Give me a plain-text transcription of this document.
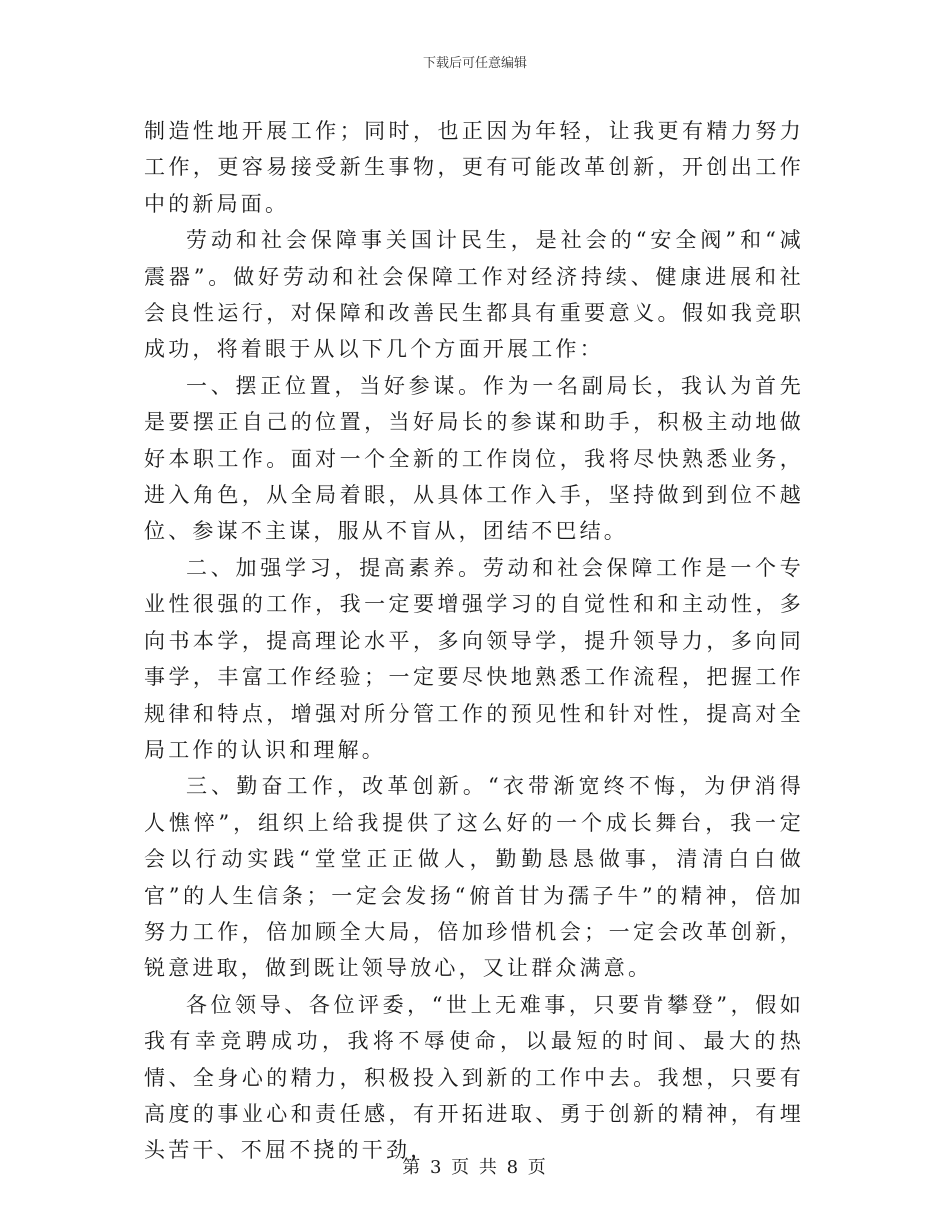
下载后可任意编辑

制造性地开展工作；同时，也正因为年轻，让我更有精力努力工作，更容易接受新生事物，更有可能改革创新，开创出工作中的新局面。

劳动和社会保障事关国计民生，是社会的“安全阀”和“减震器”。做好劳动和社会保障工作对经济持续、健康进展和社会良性运行，对保障和改善民生都具有重要意义。假如我竞职成功，将着眼于从以下几个方面开展工作：

一、摆正位置，当好参谋。作为一名副局长，我认为首先是要摆正自己的位置，当好局长的参谋和助手，积极主动地做好本职工作。面对一个全新的工作岗位，我将尽快熟悉业务，进入角色，从全局着眼，从具体工作入手，坚持做到到位不越位、参谋不主谋，服从不盲从，团结不巴结。

二、加强学习，提高素养。劳动和社会保障工作是一个专业性很强的工作，我一定要增强学习的自觉性和和主动性，多向书本学，提高理论水平，多向领导学，提升领导力，多向同事学，丰富工作经验；一定要尽快地熟悉工作流程，把握工作规律和特点，增强对所分管工作的预见性和针对性，提高对全局工作的认识和理解。

三、勤奋工作，改革创新。“衣带渐宽终不悔，为伊消得人憔悴”，组织上给我提供了这么好的一个成长舞台，我一定会以行动实践“堂堂正正做人，勤勤恳恳做事，清清白白做官”的人生信条；一定会发扬“俯首甘为孺子牛”的精神，倍加努力工作，倍加顾全大局，倍加珍惜机会；一定会改革创新，锐意进取，做到既让领导放心，又让群众满意。

各位领导、各位评委，“世上无难事，只要肯攀登”，假如我有幸竞聘成功，我将不辱使命，以最短的时间、最大的热情、全身心的精力，积极投入到新的工作中去。我想，只要有高度的事业心和责任感，有开拓进取、勇于创新的精神，有埋头苦干、不屈不挠的干劲，

第 3 页 共 8 页
